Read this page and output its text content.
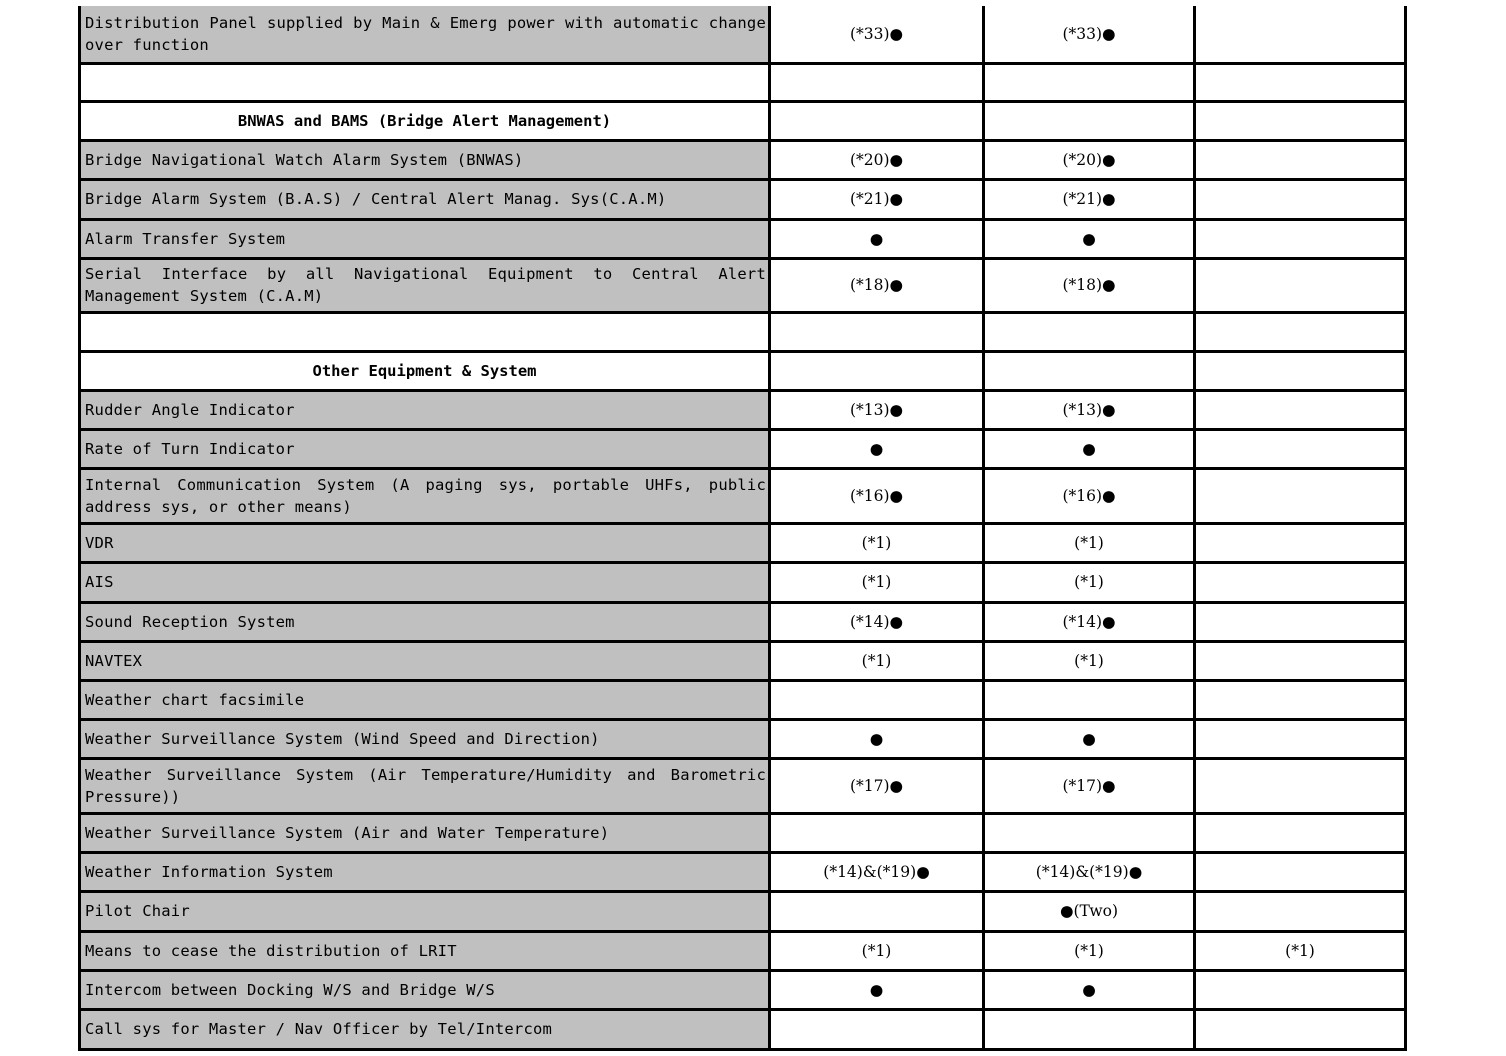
Distribution Panel supplied by Main & Emerg power with automatic change over function	(*33)●	(*33)●	

BNWAS and BAMS (Bridge Alert Management)			
Bridge Navigational Watch Alarm System (BNWAS)	(*20)●	(*20)●	
Bridge Alarm System (B.A.S) / Central Alert Manag. Sys(C.A.M)	(*21)●	(*21)●	
Alarm Transfer System	●	●	
Serial Interface by all Navigational Equipment to Central Alert Management System (C.A.M)	(*18)●	(*18)●	

Other Equipment & System			
Rudder Angle Indicator	(*13)●	(*13)●	
Rate of Turn Indicator	●	●	
Internal Communication System (A paging sys, portable UHFs, public address sys, or other means)	(*16)●	(*16)●	
VDR	(*1)	(*1)	
AIS	(*1)	(*1)	
Sound Reception System	(*14)●	(*14)●	
NAVTEX	(*1)	(*1)	
Weather chart facsimile			
Weather Surveillance System (Wind Speed and Direction)	●	●	
Weather Surveillance System (Air Temperature/Humidity and Barometric Pressure))	(*17)●	(*17)●	
Weather Surveillance System (Air and Water Temperature)			
Weather Information System	(*14)&(*19)●	(*14)&(*19)●	
Pilot Chair		●(Two)	
Means to cease the distribution of LRIT	(*1)	(*1)	(*1)
Intercom between Docking W/S and Bridge W/S	●	●	
Call sys for Master / Nav Officer by Tel/Intercom			
